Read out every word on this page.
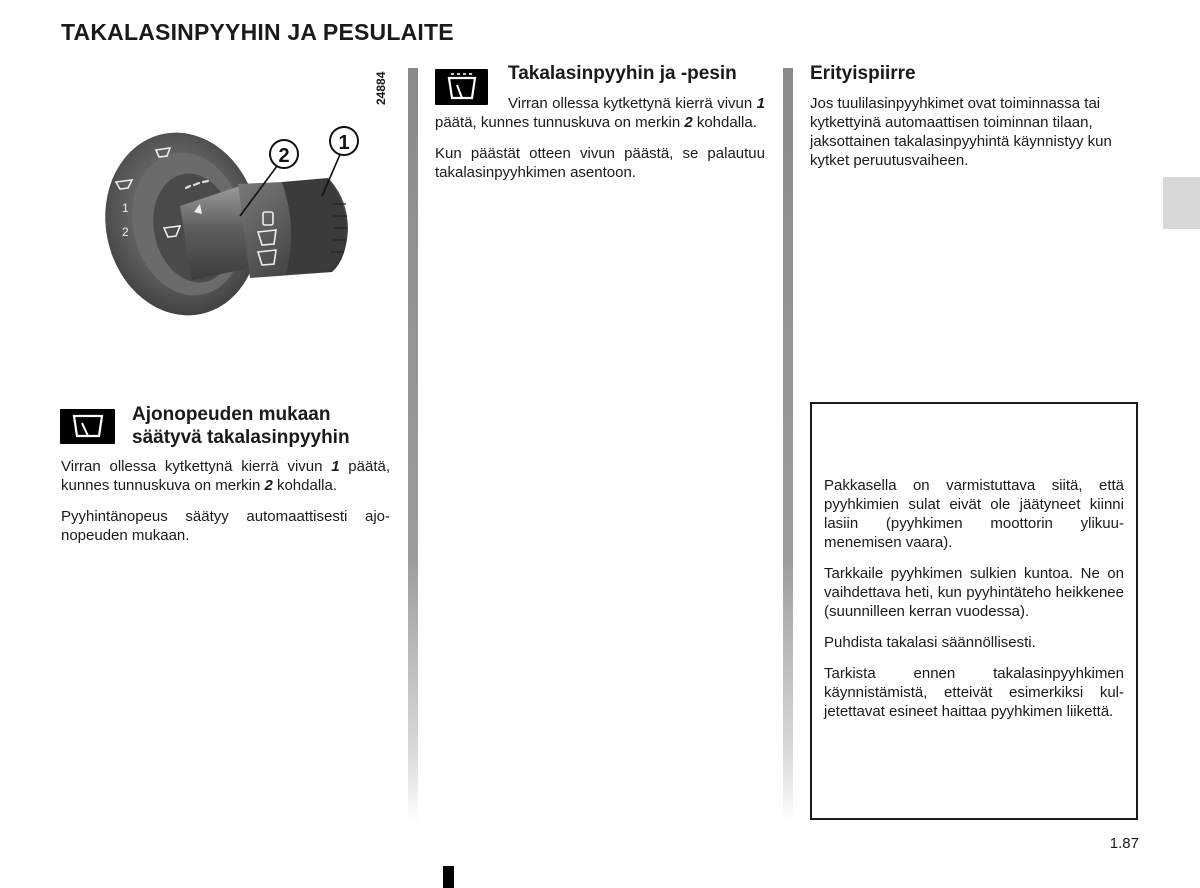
TAKALASINPYYHIN JA PESULAITE
24884
1
2
2
1
Ajonopeuden mukaan
säätyvä takalasinpyyhin

Virran ollessa kytkettynä kierrä vivun 1 päätä, kunnes tunnuskuva on merkin 2 kohdalla.

Pyyhintänopeus säätyy automaattisesti ajonopeuden mukaan.

Takalasinpyyhin ja -pesin

Virran ollessa kytkettynä kierrä vivun 1 päätä, kunnes tunnuskuva on merkin 2 kohdalla.

Kun päästät otteen vivun päästä, se palautuu takalasinpyyhkimen asentoon.

Erityispiirre

Jos tuulilasinpyyhkimet ovat toiminnassa tai kytkettyinä automaattisen toiminnan tilaan, jaksottainen takalasinpyyhintä käynnistyy kun kytket peruutusvaiheen.

Pakkasella on varmistuttava siitä, että pyyhkimien sulat eivät ole jäätyneet kiinni lasiin (pyyhkimen moottorin ylikuumenemisen vaara).

Tarkkaile pyyhkimen sulkien kuntoa. Ne on vaihdettava heti, kun pyyhintäteho heikkenee (suunnilleen kerran vuodessa).

Puhdista takalasi säännöllisesti.

Tarkista ennen takalasinpyyhkimen käynnistämistä, etteivät esimerkiksi kuljetettavat esineet haittaa pyyhkimen liikettä.

1.87
